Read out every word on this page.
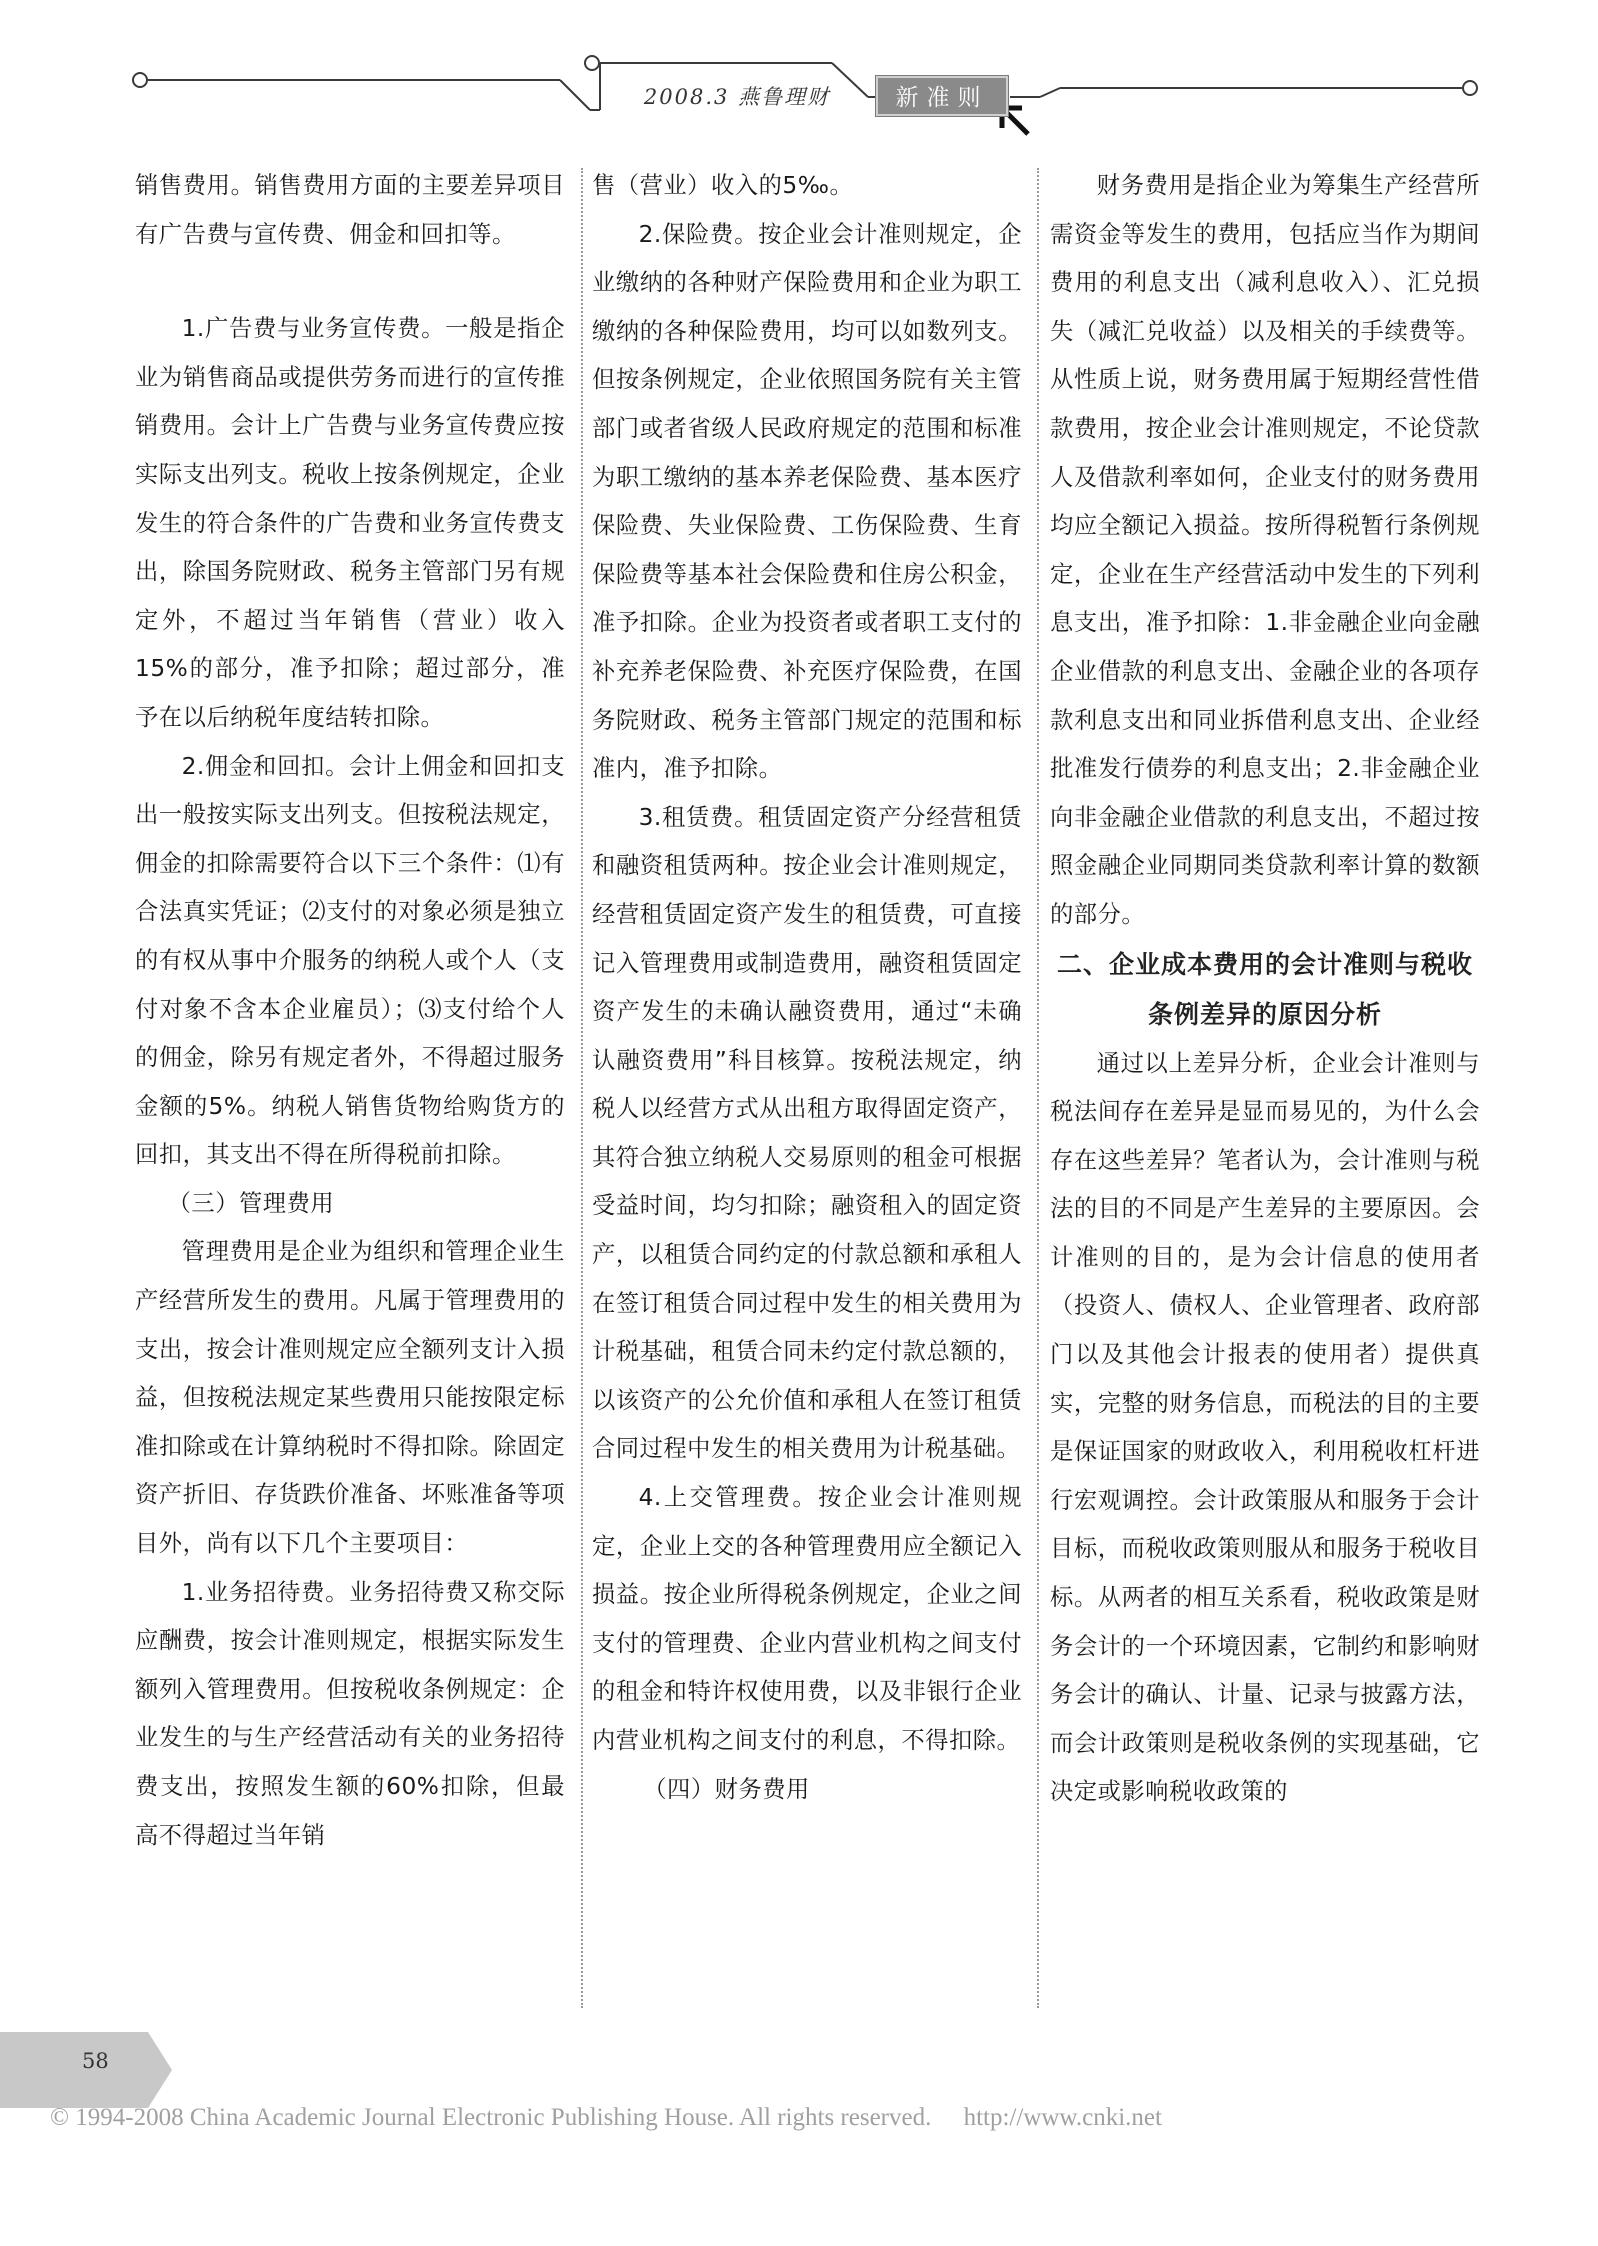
2008.3 燕鲁理财	新准则

销售费用。销售费用方面的主要差异项目有广告费与宣传费、佣金和回扣等。

1.广告费与业务宣传费。一般是指企业为销售商品或提供劳务而进行的宣传推销费用。会计上广告费与业务宣传费应按实际支出列支。税收上按条例规定，企业发生的符合条件的广告费和业务宣传费支出，除国务院财政、税务主管部门另有规定外，不超过当年销售（营业）收入15%的部分，准予扣除；超过部分，准予在以后纳税年度结转扣除。

2.佣金和回扣。会计上佣金和回扣支出一般按实际支出列支。但按税法规定，佣金的扣除需要符合以下三个条件：⑴有合法真实凭证；⑵支付的对象必须是独立的有权从事中介服务的纳税人或个人（支付对象不含本企业雇员）；⑶支付给个人的佣金，除另有规定者外，不得超过服务金额的5%。纳税人销售货物给购货方的回扣，其支出不得在所得税前扣除。

（三）管理费用

管理费用是企业为组织和管理企业生产经营所发生的费用。凡属于管理费用的支出，按会计准则规定应全额列支计入损益，但按税法规定某些费用只能按限定标准扣除或在计算纳税时不得扣除。除固定资产折旧、存货跌价准备、坏账准备等项目外，尚有以下几个主要项目：

1.业务招待费。业务招待费又称交际应酬费，按会计准则规定，根据实际发生额列入管理费用。但按税收条例规定：企业发生的与生产经营活动有关的业务招待费支出，按照发生额的60%扣除，但最高不得超过当年销

售（营业）收入的5‰。

2.保险费。按企业会计准则规定，企业缴纳的各种财产保险费用和企业为职工缴纳的各种保险费用，均可以如数列支。但按条例规定，企业依照国务院有关主管部门或者省级人民政府规定的范围和标准为职工缴纳的基本养老保险费、基本医疗保险费、失业保险费、工伤保险费、生育保险费等基本社会保险费和住房公积金，准予扣除。企业为投资者或者职工支付的补充养老保险费、补充医疗保险费，在国务院财政、税务主管部门规定的范围和标准内，准予扣除。

3.租赁费。租赁固定资产分经营租赁和融资租赁两种。按企业会计准则规定，经营租赁固定资产发生的租赁费，可直接记入管理费用或制造费用，融资租赁固定资产发生的未确认融资费用，通过“未确认融资费用”科目核算。按税法规定，纳税人以经营方式从出租方取得固定资产，其符合独立纳税人交易原则的租金可根据受益时间，均匀扣除；融资租入的固定资产，以租赁合同约定的付款总额和承租人在签订租赁合同过程中发生的相关费用为计税基础，租赁合同未约定付款总额的，以该资产的公允价值和承租人在签订租赁合同过程中发生的相关费用为计税基础。

4.上交管理费。按企业会计准则规定，企业上交的各种管理费用应全额记入损益。按企业所得税条例规定，企业之间支付的管理费、企业内营业机构之间支付的租金和特许权使用费，以及非银行企业内营业机构之间支付的利息，不得扣除。

（四）财务费用

财务费用是指企业为筹集生产经营所需资金等发生的费用，包括应当作为期间费用的利息支出（减利息收入）、汇兑损失（减汇兑收益）以及相关的手续费等。从性质上说，财务费用属于短期经营性借款费用，按企业会计准则规定，不论贷款人及借款利率如何，企业支付的财务费用均应全额记入损益。按所得税暂行条例规定，企业在生产经营活动中发生的下列利息支出，准予扣除：1.非金融企业向金融企业借款的利息支出、金融企业的各项存款利息支出和同业拆借利息支出、企业经批准发行债券的利息支出；2.非金融企业向非金融企业借款的利息支出，不超过按照金融企业同期同类贷款利率计算的数额的部分。

二、企业成本费用的会计准则与税收条例差异的原因分析

通过以上差异分析，企业会计准则与税法间存在差异是显而易见的，为什么会存在这些差异？笔者认为，会计准则与税法的目的不同是产生差异的主要原因。会计准则的目的，是为会计信息的使用者（投资人、债权人、企业管理者、政府部门以及其他会计报表的使用者）提供真实，完整的财务信息，而税法的目的主要是保证国家的财政收入，利用税收杠杆进行宏观调控。会计政策服从和服务于会计目标，而税收政策则服从和服务于税收目标。从两者的相互关系看，税收政策是财务会计的一个环境因素，它制约和影响财务会计的确认、计量、记录与披露方法，而会计政策则是税收条例的实现基础，它决定或影响税收政策的

58
© 1994-2008 China Academic Journal Electronic Publishing House. All rights reserved. http://www.cnki.net
